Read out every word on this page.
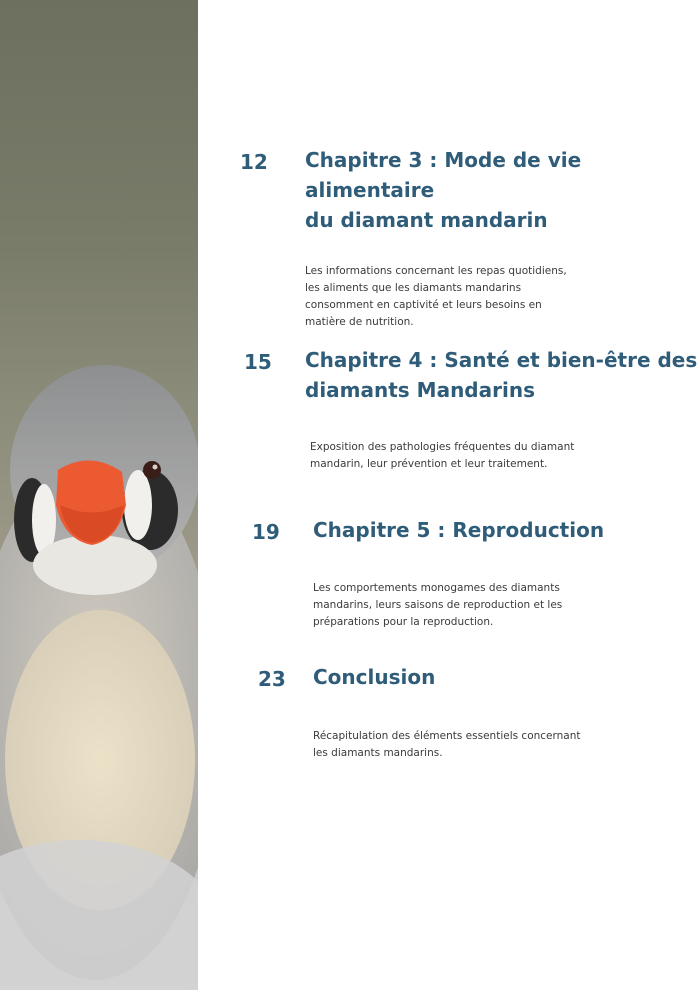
12 Chapitre 3 : Mode de vie
alimentaire
du diamant mandarin

Les informations concernant les repas quotidiens,
les aliments que les diamants mandarins
consomment en captivité et leurs besoins en
matière de nutrition.

15 Chapitre 4 : Santé et bien-être des
diamants Mandarins

Exposition des pathologies fréquentes du diamant
mandarin, leur prévention et leur traitement.

19 Chapitre 5 : Reproduction

Les comportements monogames des diamants
mandarins, leurs saisons de reproduction et les
préparations pour la reproduction.

23 Conclusion

Récapitulation des éléments essentiels concernant
les diamants mandarins.
